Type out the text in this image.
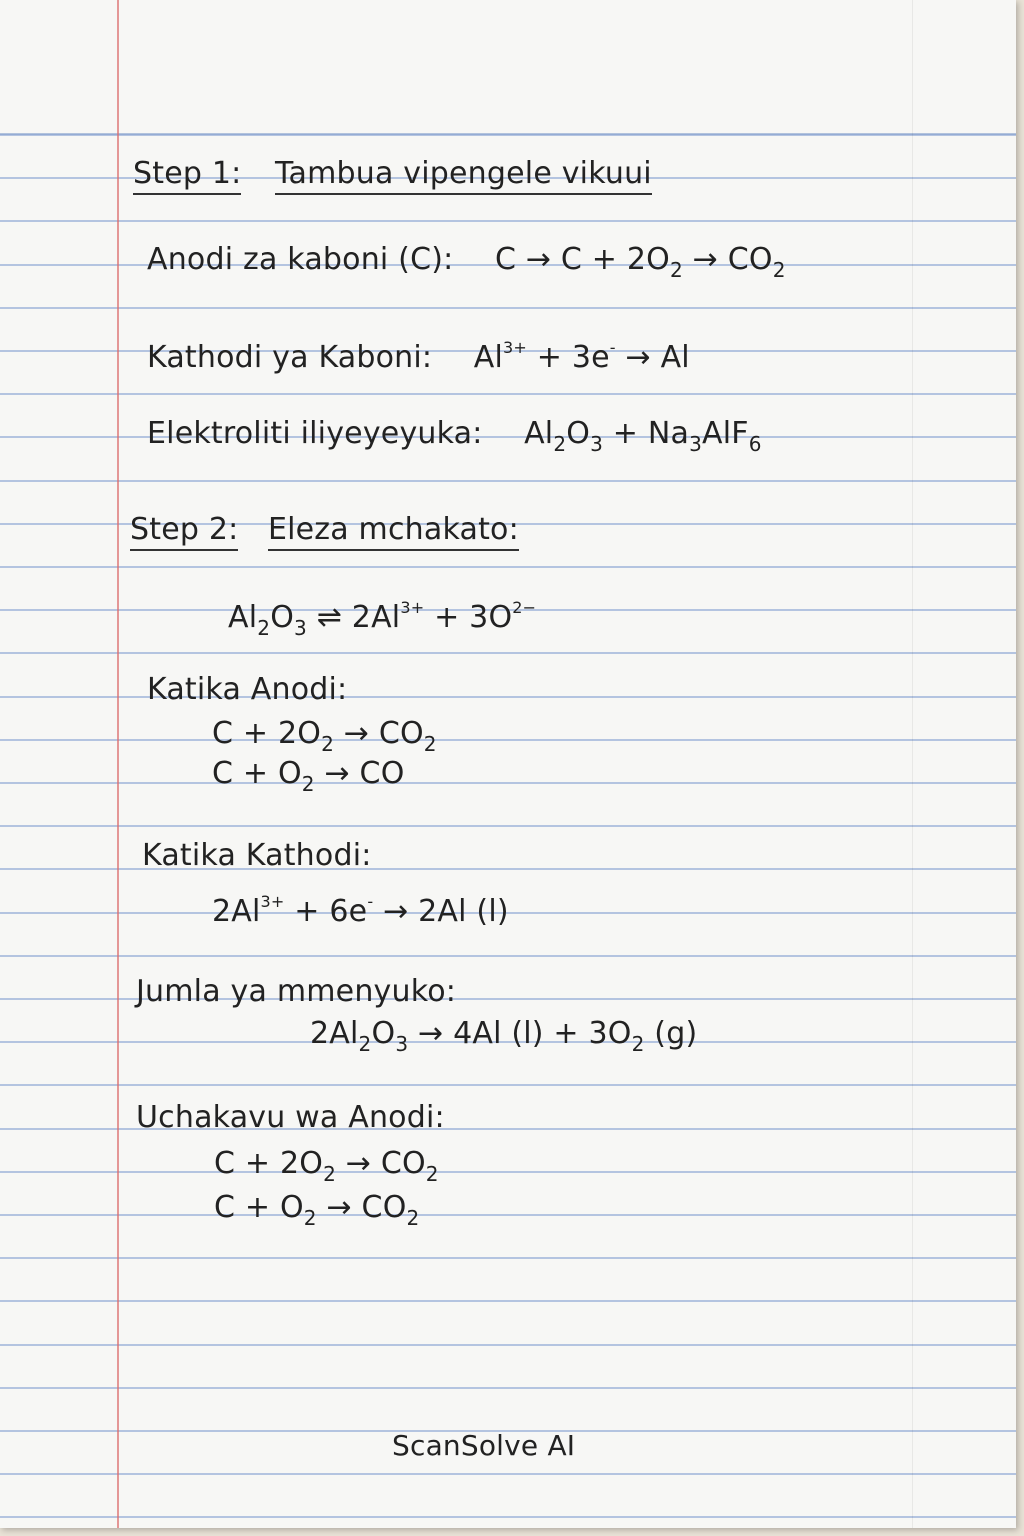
Step 1: Tambua vipengele vikuui
Anodi za kaboni (C): $C \to C + 2O_2 \to CO_2$
Kathodi ya Kaboni: $Al^{3+} + 3e^- \to Al$
Elektroliti iliyeyeyuka: $Al_2O_3 + Na_3AlF_6$
Step 2: Eleza mchakato:
$Al_2O_3$ ⇌ $2Al^{3+} + 3O^{2-}$
Katika Anodi:
$C + 2O_2 \to CO_2$
$C + O_2$ → CO
Katika Kathodi:
$2Al^{3+} + 6e^- \to 2Al$ (l)
Jumla ya mmenyuko:
$2Al_2O_3 \to 4Al$ $(l) + 3O_2$ (g)
Uchakavu wa Anodi:
$C + 2O_2 \to CO_2$
$C + O_2 \to CO_2$
ScanSolve AI
